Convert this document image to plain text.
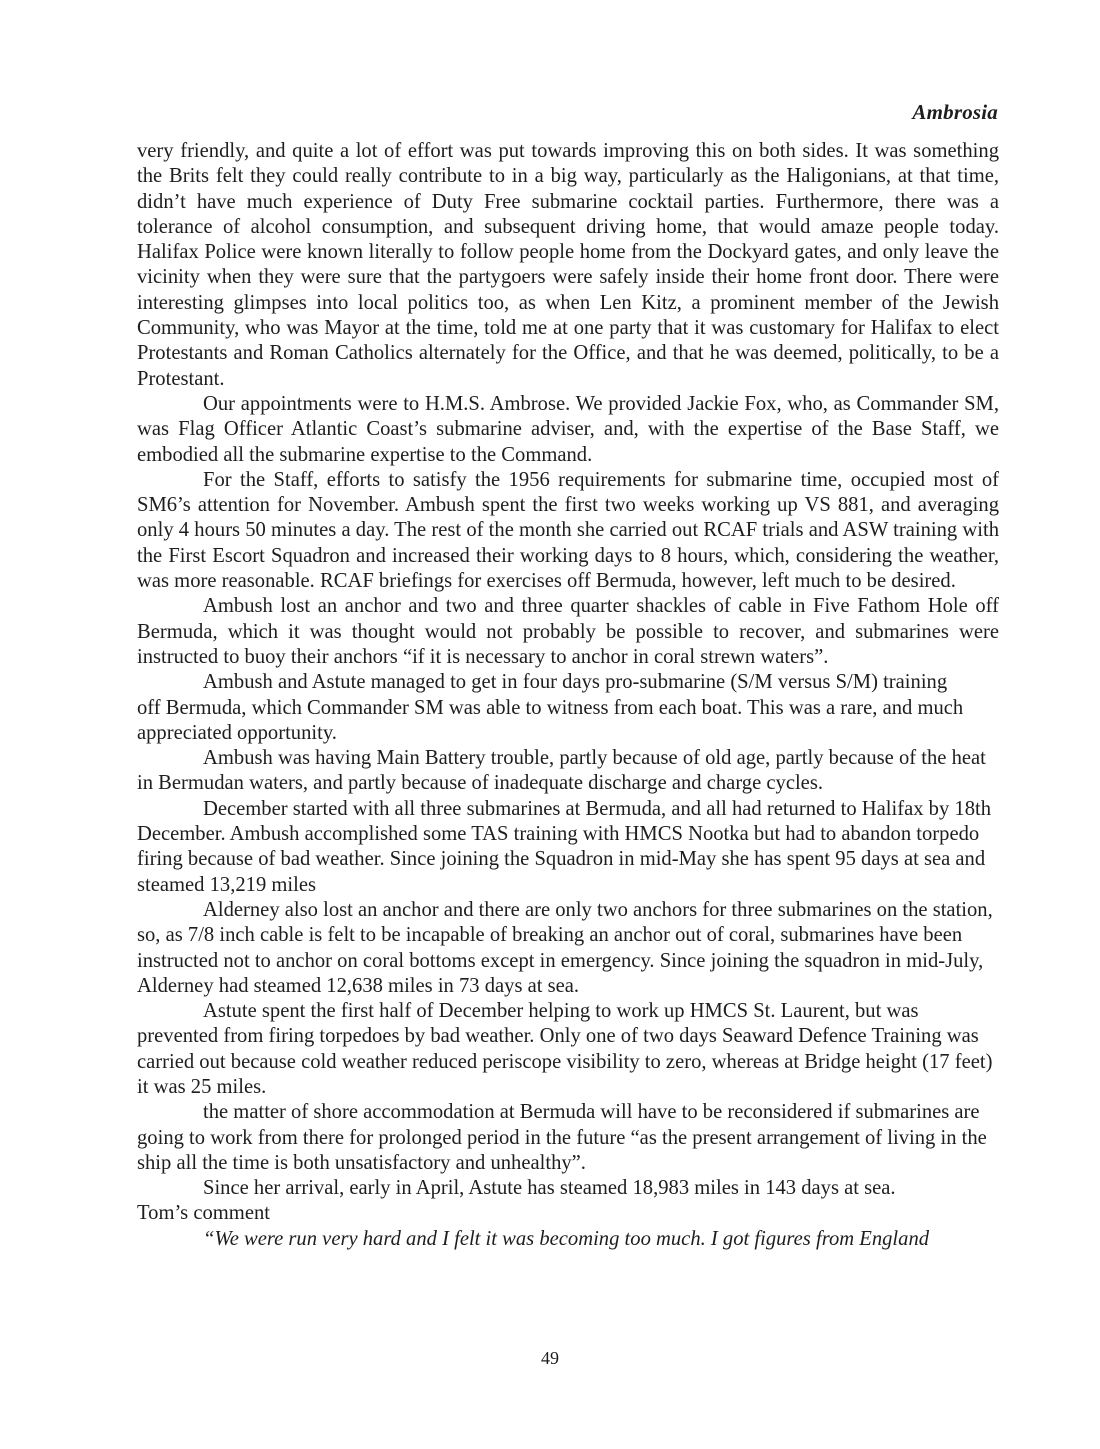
Ambrosia

very friendly, and quite a lot of effort was put towards improving this on both sides. It was something the Brits felt they could really contribute to in a big way, particularly as the Haligonians, at that time, didn’t have much experience of Duty Free submarine cocktail parties. Furthermore, there was a tolerance of alcohol consumption, and subsequent driving home, that would amaze people today. Halifax Police were known literally to follow people home from the Dockyard gates, and only leave the vicinity when they were sure that the partygoers were safely inside their home front door. There were interesting glimpses into local politics too, as when Len Kitz, a prominent member of the Jewish Community, who was Mayor at the time, told me at one party that it was customary for Halifax to elect Protestants and Roman Catholics alternately for the Office, and that he was deemed, politically, to be a Protestant.

Our appointments were to H.M.S. Ambrose. We provided Jackie Fox, who, as Commander SM, was Flag Officer Atlantic Coast’s submarine adviser, and, with the expertise of the Base Staff, we embodied all the submarine expertise to the Command.

For the Staff, efforts to satisfy the 1956 requirements for submarine time, occupied most of SM6’s attention for November. Ambush spent the first two weeks working up VS 881, and averaging only 4 hours 50 minutes a day. The rest of the month she carried out RCAF trials and ASW training with the First Escort Squadron and increased their working days to 8 hours, which, considering the weather, was more reasonable. RCAF briefings for exercises off Bermuda, however, left much to be desired.

Ambush lost an anchor and two and three quarter shackles of cable in Five Fathom Hole off Bermuda, which it was thought would not probably be possible to recover, and submarines were instructed to buoy their anchors “if it is necessary to anchor in coral strewn waters”.

Ambush and Astute managed to get in four days pro-submarine (S/M versus S/M) training

off Bermuda, which Commander SM was able to witness from each boat. This was a rare, and much appreciated opportunity.

Ambush was having Main Battery trouble, partly because of old age, partly because of the heat in Bermudan waters, and partly because of inadequate discharge and charge cycles.

December started with all three submarines at Bermuda, and all had returned to Halifax by 18th December. Ambush accomplished some TAS training with HMCS Nootka but had to abandon torpedo firing because of bad weather. Since joining the Squadron in mid-May she has spent 95 days at sea and steamed 13,219 miles

Alderney also lost an anchor and there are only two anchors for three submarines on the station, so, as 7/8 inch cable is felt to be incapable of breaking an anchor out of coral, submarines have been instructed not to anchor on coral bottoms except in emergency. Since joining the squadron in mid-July, Alderney had steamed 12,638 miles in 73 days at sea.

Astute spent the first half of December helping to work up HMCS St. Laurent, but was prevented from firing torpedoes by bad weather. Only one of two days Seaward Defence Training was carried out because cold weather reduced periscope visibility to zero, whereas at Bridge height (17 feet) it was 25 miles.

the matter of shore accommodation at Bermuda will have to be reconsidered if submarines are going to work from there for prolonged period in the future “as the present arrangement of living in the ship all the time is both unsatisfactory and unhealthy”.

Since her arrival, early in April, Astute has steamed 18,983 miles in 143 days at sea.

Tom’s comment

“We were run very hard and I felt it was becoming too much. I got figures from England

49
